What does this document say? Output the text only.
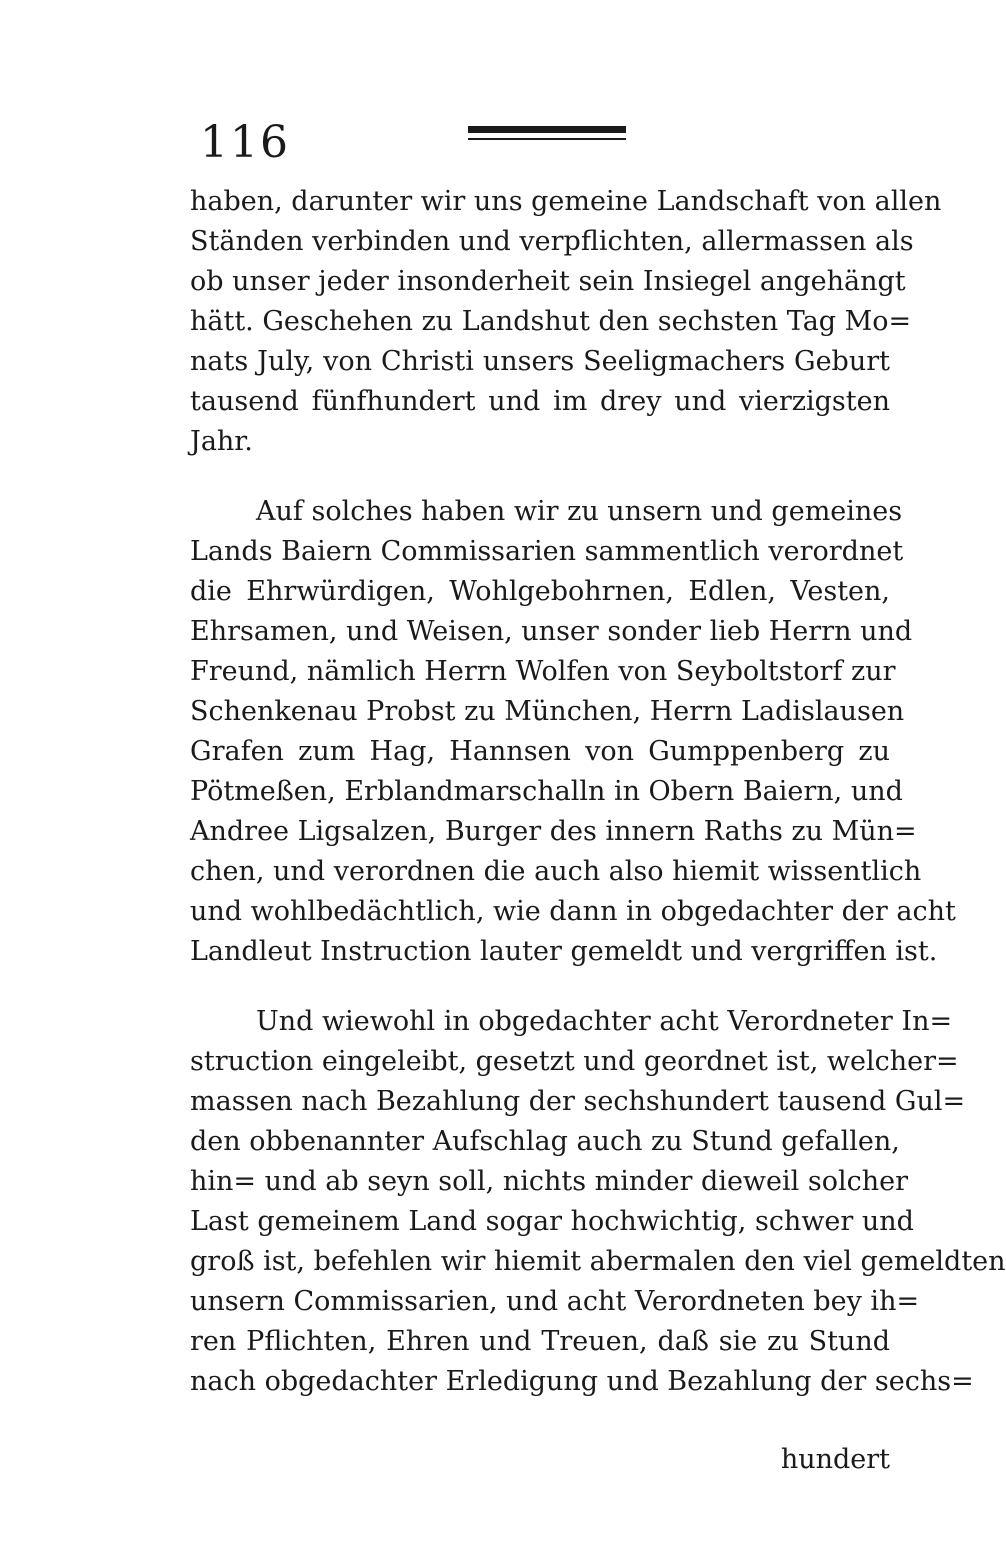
116
haben, darunter wir uns gemeine Landschaft von allen
Ständen verbinden und verpflichten, allermassen als
ob unser jeder insonderheit sein Insiegel angehängt
hätt. Geschehen zu Landshut den sechsten Tag Mo=
nats July, von Christi unsers Seeligmachers Geburt
tausend fünfhundert und im drey und vierzigsten
Jahr.
Auf solches haben wir zu unsern und gemeines
Lands Baiern Commissarien sammentlich verordnet
die Ehrwürdigen, Wohlgebohrnen, Edlen, Vesten,
Ehrsamen, und Weisen, unser sonder lieb Herrn und
Freund, nämlich Herrn Wolfen von Seyboltstorf zur
Schenkenau Probst zu München, Herrn Ladislausen
Grafen zum Hag, Hannsen von Gumppenberg zu
Pötmeßen, Erblandmarschalln in Obern Baiern, und
Andree Ligsalzen, Burger des innern Raths zu Mün=
chen, und verordnen die auch also hiemit wissentlich
und wohlbedächtlich, wie dann in obgedachter der acht
Landleut Instruction lauter gemeldt und vergriffen ist.
Und wiewohl in obgedachter acht Verordneter In=
struction eingeleibt, gesetzt und geordnet ist, welcher=
massen nach Bezahlung der sechshundert tausend Gul=
den obbenannter Aufschlag auch zu Stund gefallen,
hin= und ab seyn soll, nichts minder dieweil solcher
Last gemeinem Land sogar hochwichtig, schwer und
groß ist, befehlen wir hiemit abermalen den viel gemeldten
unsern Commissarien, und acht Verordneten bey ih=
ren Pflichten, Ehren und Treuen, daß sie zu Stund
nach obgedachter Erledigung und Bezahlung der sechs=
hundert
